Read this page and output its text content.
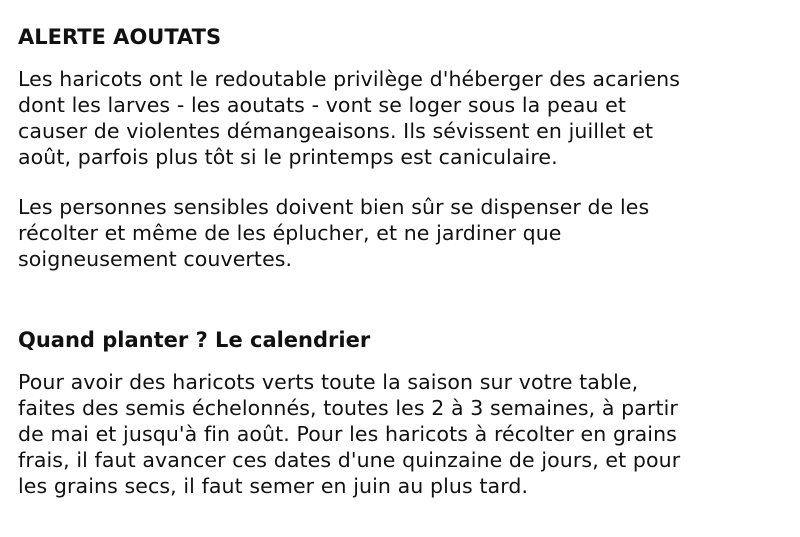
ALERTE AOUTATS

Les haricots ont le redoutable privilège d'héberger des acariens
dont les larves - les aoutats - vont se loger sous la peau et
causer de violentes démangeaisons. Ils sévissent en juillet et
août, parfois plus tôt si le printemps est caniculaire.

Les personnes sensibles doivent bien sûr se dispenser de les
récolter et même de les éplucher, et ne jardiner que
soigneusement couvertes.

Quand planter ? Le calendrier

Pour avoir des haricots verts toute la saison sur votre table,
faites des semis échelonnés, toutes les 2 à 3 semaines, à partir
de mai et jusqu'à fin août. Pour les haricots à récolter en grains
frais, il faut avancer ces dates d'une quinzaine de jours, et pour
les grains secs, il faut semer en juin au plus tard.
